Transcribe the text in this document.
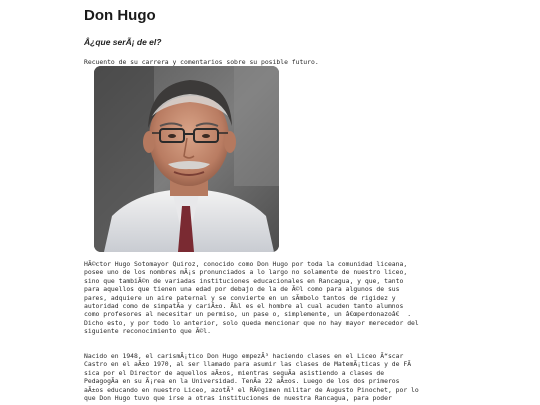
Don Hugo

Â¿que serÃ¡ de el?

Recuento de su carrera y comentarios sobre su posible futuro.

HÃ©ctor Hugo Sotomayor Quiroz, conocido como Don Hugo por toda la comunidad liceana,
posee uno de los nombres mÃ¡s pronunciados a lo largo no solamente de nuestro liceo,
sino que tambiÃ©n de variadas instituciones educacionales en Rancagua, y que, tanto
para aquellos que tienen una edad por debajo de la de Ã©l como para algunos de sus
pares, adquiere un aire paternal y se convierte en un sÃmbolo tantos de rigidez y
autoridad como de simpatÃa y cariÃ±o. Ã‰l es el hombre al cual acuden tanto alumnos
como profesores al necesitar un permiso, un pase o, simplemente, un â€œperdonazoâ€  .
Dicho esto, y por todo lo anterior, solo queda mencionar que no hay mayor merecedor del
siguiente reconocimiento que Ã©l.

Nacido en 1948, el carismÃ¡tico Don Hugo empezÃ³ haciendo clases en el Liceo Ã“scar
Castro en el aÃ±o 1970, al ser llamado para asumir las clases de MatemÃ¡ticas y de FÃ
sica por el Director de aquellos aÃ±os, mientras seguÃa asistiendo a clases de
PedagogÃa en su Ã¡rea en la Universidad. TenÃa 22 aÃ±os. Luego de los dos primeros
aÃ±os educando en nuestro Liceo, azotÃ³ el RÃ©gimen militar de Augusto Pinochet, por lo
que Don Hugo tuvo que irse a otras instituciones de nuestra Rancagua, para poder
